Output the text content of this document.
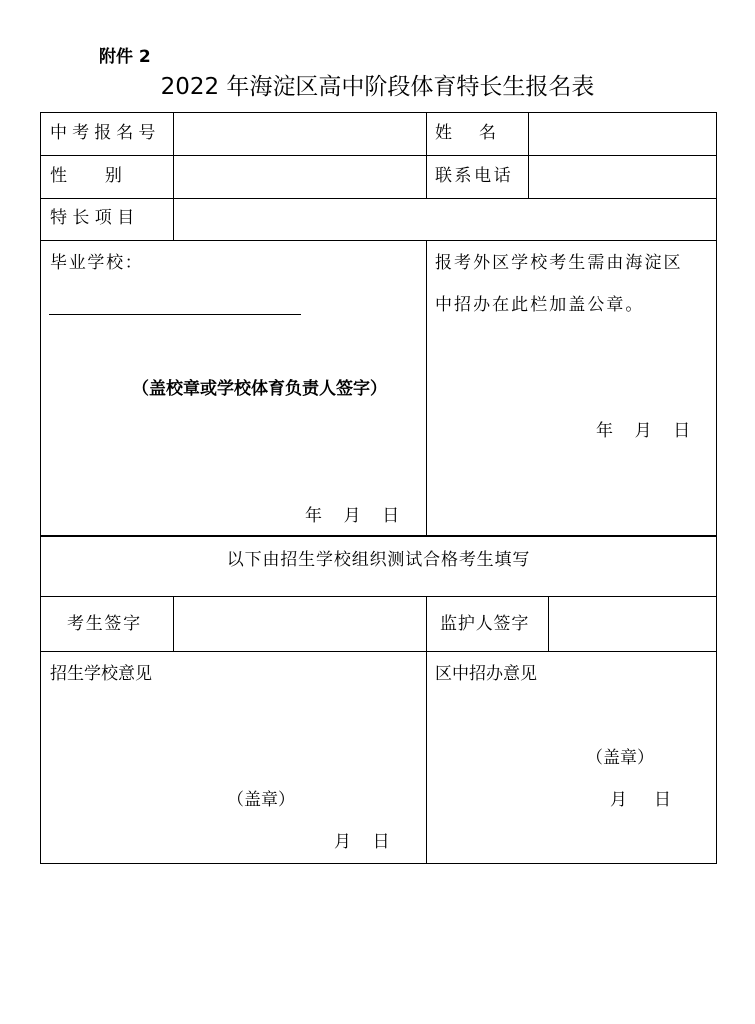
附件 2
2022 年海淀区高中阶段体育特长生报名表
中考报名号	姓     名
性       别	联系电话
特 长 项 目
毕业学校：
（盖校章或学校体育负责人签字）
年    月    日
报考外区学校考生需由海淀区
中招办在此栏加盖公章。
年    月    日
以下由招生学校组织测试合格考生填写
考生签字	监护人签字
招生学校意见
（盖章）
月    日
区中招办意见
（盖章）
月     日
